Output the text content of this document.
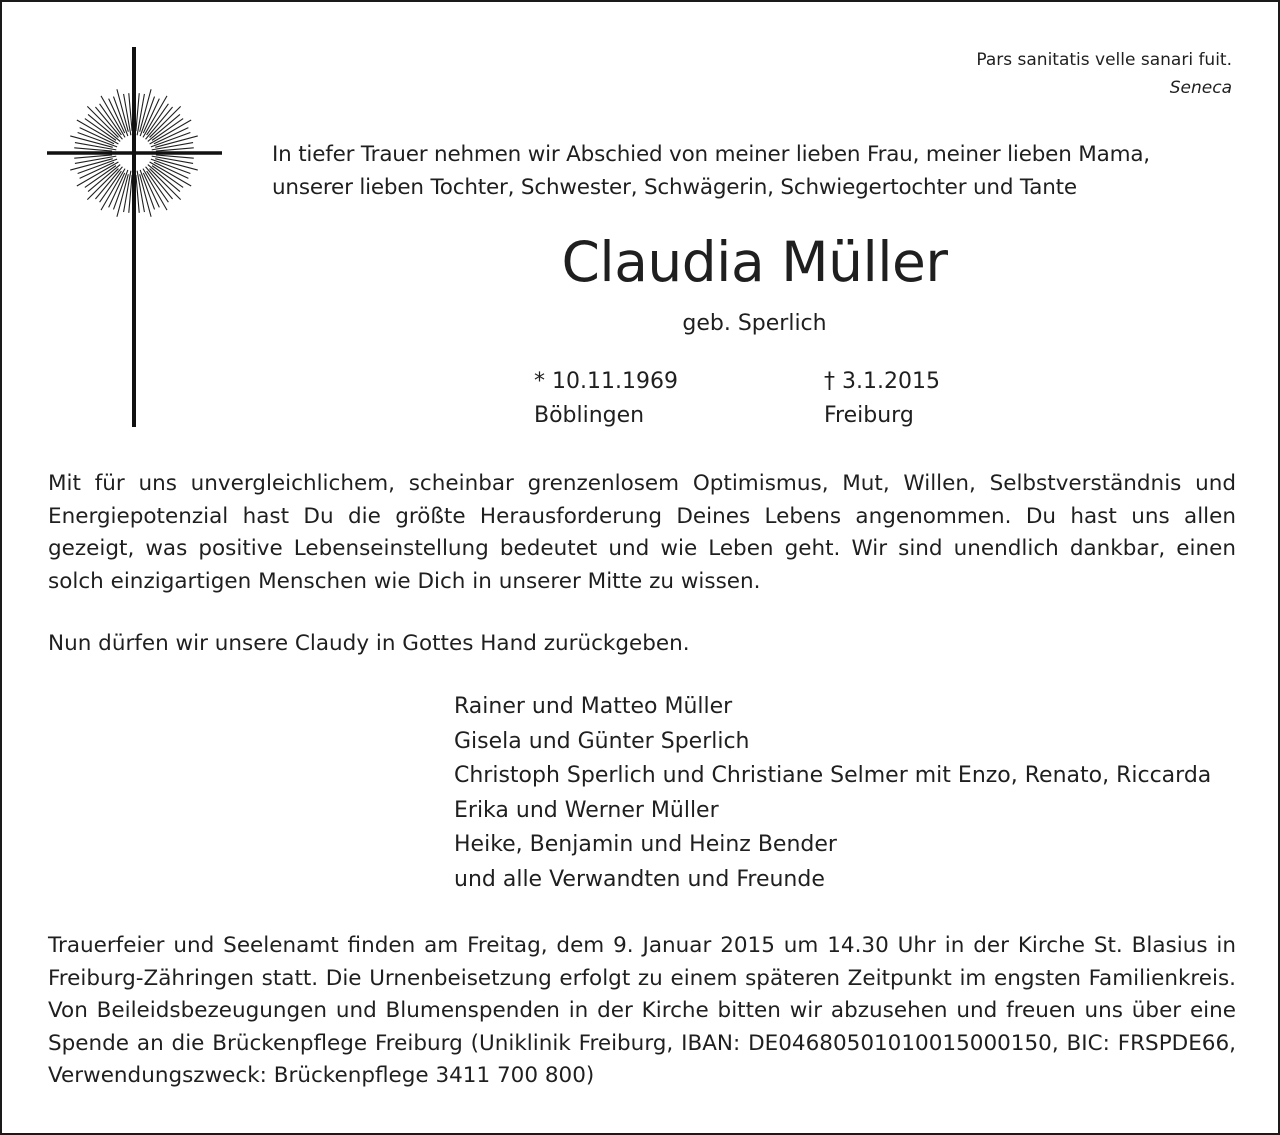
Pars sanitatis velle sanari fuit.
Seneca
In tiefer Trauer nehmen wir Abschied von meiner lieben Frau, meiner lieben Mama,
unserer lieben Tochter, Schwester, Schwägerin, Schwiegertochter und Tante
Claudia Müller
geb. Sperlich
* 10.11.1969
Böblingen
† 3.1.2015
Freiburg

Mit für uns unvergleichlichem, scheinbar grenzenlosem Optimismus, Mut, Willen, Selbstverständnis und Energiepotenzial hast Du die größte Herausforderung Deines Lebens angenommen. Du hast uns allen gezeigt, was positive Lebenseinstellung bedeutet und wie Leben geht. Wir sind unendlich dankbar, einen solch einzigartigen Menschen wie Dich in unserer Mitte zu wissen.

Nun dürfen wir unsere Claudy in Gottes Hand zurückgeben.
Rainer und Matteo Müller
Gisela und Günter Sperlich
Christoph Sperlich und Christiane Selmer mit Enzo, Renato, Riccarda
Erika und Werner Müller
Heike, Benjamin und Heinz Bender
und alle Verwandten und Freunde

Trauerfeier und Seelenamt finden am Freitag, dem 9. Januar 2015 um 14.30 Uhr in der Kirche St. Blasius in Freiburg-Zähringen statt. Die Urnenbeisetzung erfolgt zu einem späteren Zeitpunkt im engsten Familienkreis. Von Beileidsbezeugungen und Blumenspenden in der Kirche bitten wir abzusehen und freuen uns über eine Spende an die Brückenpflege Freiburg (Uniklinik Freiburg, IBAN: DE04680501010015000150, BIC: FRSPDE66, Verwendungszweck: Brückenpflege 3411 700 800)
